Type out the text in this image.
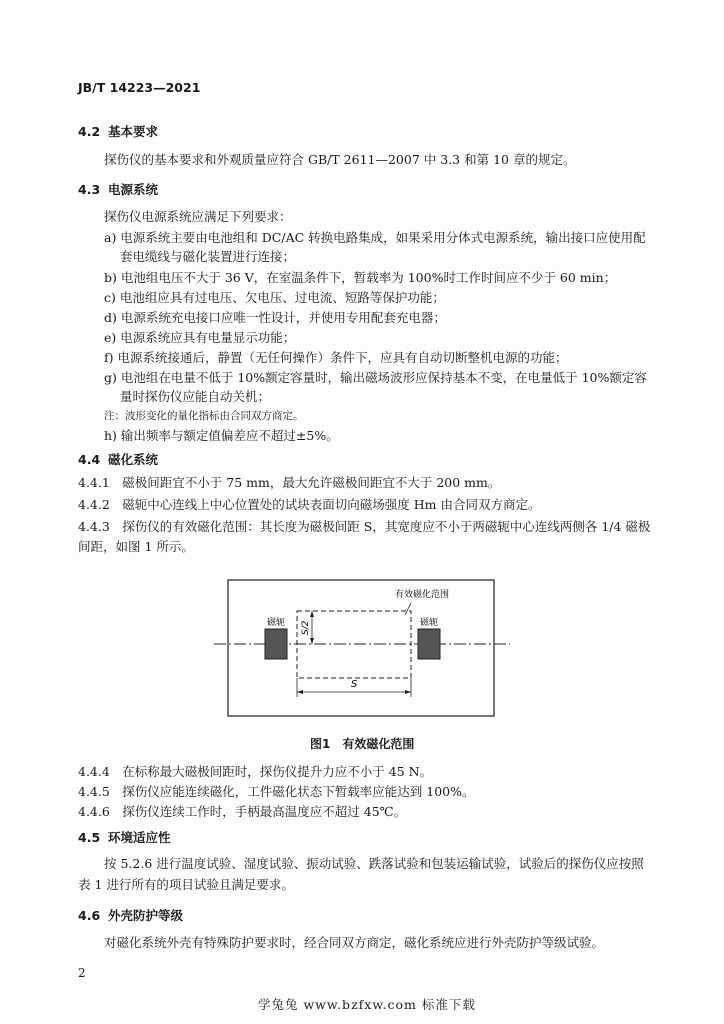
JB/T 14223—2021
4.2 基本要求
探伤仪的基本要求和外观质量应符合 GB/T 2611—2007 中 3.3 和第 10 章的规定。
4.3 电源系统
探伤仪电源系统应满足下列要求：
a) 电源系统主要由电池组和 DC/AC 转换电路集成，如果采用分体式电源系统，输出接口应使用配
套电缆线与磁化装置进行连接；
b) 电池组电压不大于 36 V，在室温条件下，暂载率为 100%时工作时间应不少于 60 min；
c) 电池组应具有过电压、欠电压、过电流、短路等保护功能；
d) 电源系统充电接口应唯一性设计，并使用专用配套充电器；
e) 电源系统应具有电量显示功能；
f) 电源系统接通后，静置（无任何操作）条件下，应具有自动切断整机电源的功能；
g) 电池组在电量不低于 10%额定容量时，输出磁场波形应保持基本不变，在电量低于 10%额定容
量时探伤仪应能自动关机；
注：波形变化的量化指标由合同双方商定。
h) 输出频率与额定值偏差应不超过±5%。
4.4 磁化系统
4.4.1　磁极间距宜不小于 75 mm，最大允许磁极间距宜不大于 200 mm。
4.4.2　磁轭中心连线上中心位置处的试块表面切向磁场强度 Hm 由合同双方商定。
4.4.3　探伤仪的有效磁化范围：其长度为磁极间距 S，其宽度应不小于两磁轭中心连线两侧各 1/4 磁极
间距，如图 1 所示。
磁轭	磁轭
有效磁化范围
S/2
S
图1　有效磁化范围
4.4.4　在标称最大磁极间距时，探伤仪提升力应不小于 45 N。
4.4.5　探伤仪应能连续磁化，工件磁化状态下暂载率应能达到 100%。
4.4.6　探伤仪连续工作时，手柄最高温度应不超过 45℃。
4.5 环境适应性
按 5.2.6 进行温度试验、湿度试验、振动试验、跌落试验和包装运输试验，试验后的探伤仪应按照
表 1 进行所有的项目试验且满足要求。
4.6 外壳防护等级
对磁化系统外壳有特殊防护要求时，经合同双方商定，磁化系统应进行外壳防护等级试验。
2
学兔兔 www.bzfxw.com 标准下载
